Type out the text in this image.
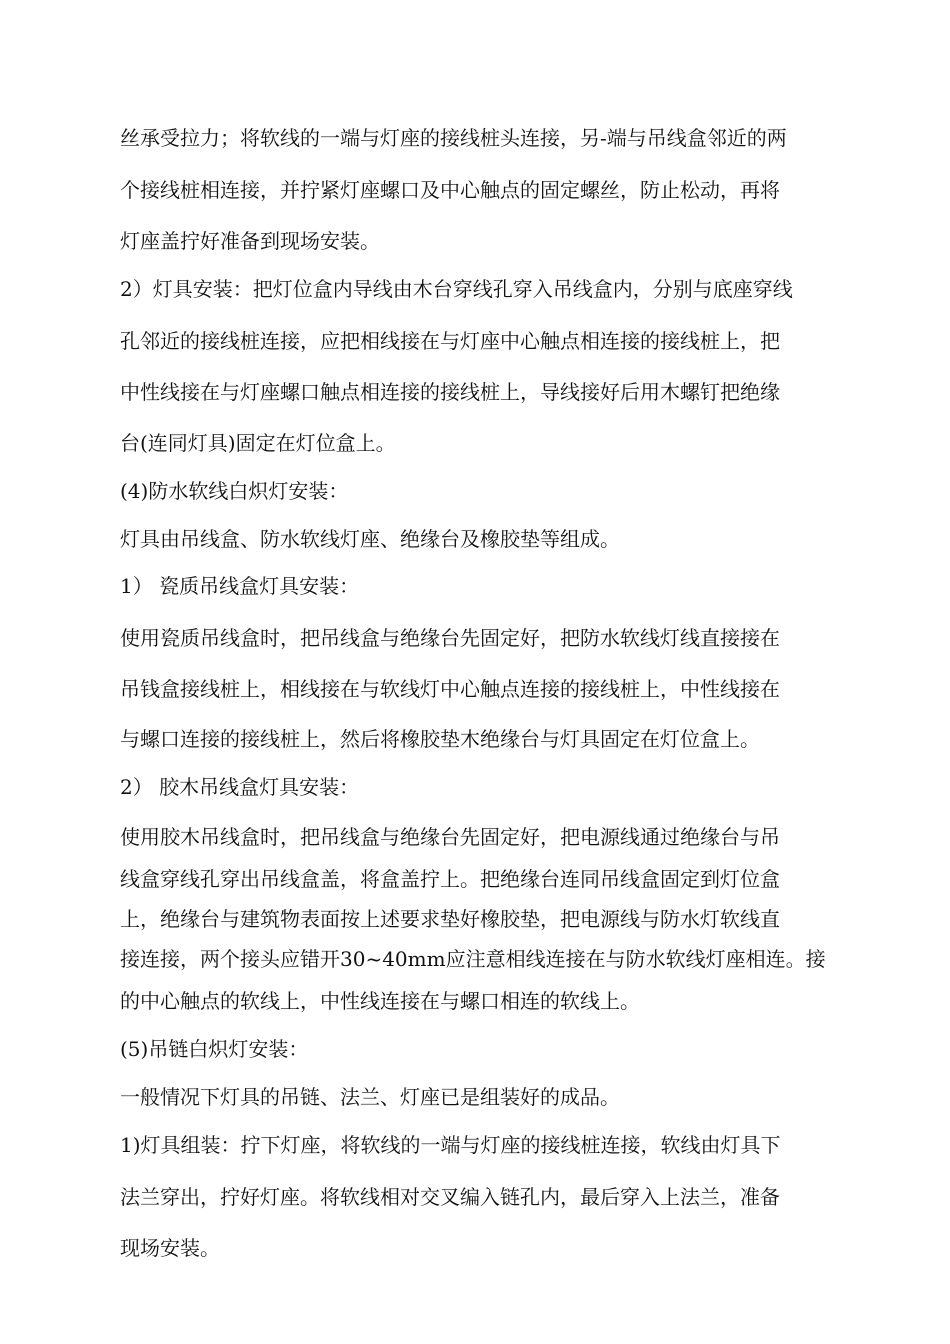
丝承受拉力；将软线的一端与灯座的接线桩头连接，另-端与吊线盒邻近的两
个接线桩相连接，并拧紧灯座螺口及中心触点的固定螺丝，防止松动，再将
灯座盖拧好准备到现场安装。
2）灯具安装：把灯位盒内导线由木台穿线孔穿入吊线盒内，分别与底座穿线
孔邻近的接线桩连接，应把相线接在与灯座中心触点相连接的接线桩上，把
中性线接在与灯座螺口触点相连接的接线桩上，导线接好后用木螺钉把绝缘
台(连同灯具)固定在灯位盒上。
(4)防水软线白炽灯安装：
灯具由吊线盒、防水软线灯座、绝缘台及橡胶垫等组成。
1） 瓷质吊线盒灯具安装：
使用瓷质吊线盒时，把吊线盒与绝缘台先固定好，把防水软线灯线直接接在
吊钱盒接线桩上，相线接在与软线灯中心触点连接的接线桩上，中性线接在
与螺口连接的接线桩上，然后将橡胶垫木绝缘台与灯具固定在灯位盒上。
2） 胶木吊线盒灯具安装：
使用胶木吊线盒时，把吊线盒与绝缘台先固定好，把电源线通过绝缘台与吊
线盒穿线孔穿出吊线盒盖，将盒盖拧上。把绝缘台连同吊线盒固定到灯位盒
上，绝缘台与建筑物表面按上述要求垫好橡胶垫，把电源线与防水灯软线直
接连接，两个接头应错开30~40mm应注意相线连接在与防水软线灯座相连。接
的中心触点的软线上，中性线连接在与螺口相连的软线上。
(5)吊链白炽灯安装：
一般情况下灯具的吊链、法兰、灯座已是组装好的成品。
1)灯具组装：拧下灯座，将软线的一端与灯座的接线桩连接，软线由灯具下
法兰穿出，拧好灯座。将软线相对交叉编入链孔内，最后穿入上法兰，准备
现场安装。
